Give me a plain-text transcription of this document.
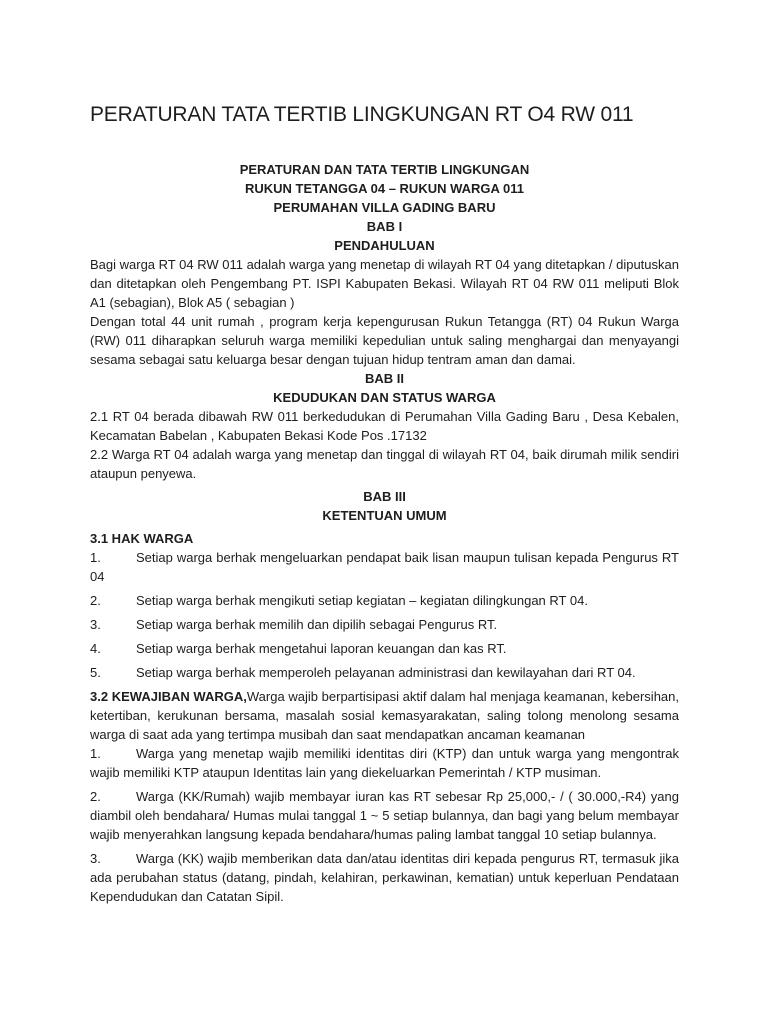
PERATURAN TATA TERTIB LINGKUNGAN RT O4 RW 011

PERATURAN DAN TATA TERTIB LINGKUNGAN

RUKUN TETANGGA 04 – RUKUN WARGA 011

PERUMAHAN VILLA GADING BARU

BAB I

PENDAHULUAN

Bagi warga RT 04 RW 011 adalah warga yang menetap di wilayah RT 04 yang ditetapkan / diputuskan dan ditetapkan oleh Pengembang PT. ISPI Kabupaten Bekasi. Wilayah RT 04 RW 011 meliputi Blok A1 (sebagian), Blok A5 ( sebagian )

Dengan total 44 unit rumah , program kerja kepengurusan Rukun Tetangga (RT) 04 Rukun Warga (RW) 011 diharapkan seluruh warga memiliki kepedulian untuk saling menghargai dan menyayangi sesama sebagai satu keluarga besar dengan tujuan hidup tentram aman dan damai.

BAB II

KEDUDUKAN DAN STATUS WARGA

2.1 RT 04 berada dibawah RW 011 berkedudukan di Perumahan Villa Gading Baru , Desa Kebalen, Kecamatan Babelan , Kabupaten Bekasi Kode Pos .17132

2.2 Warga RT 04 adalah warga yang menetap dan tinggal di wilayah RT 04, baik dirumah milik sendiri ataupun penyewa.

BAB III

KETENTUAN UMUM

3.1 HAK WARGA

1.	Setiap warga berhak mengeluarkan pendapat baik lisan maupun tulisan kepada Pengurus RT 04
2.	Setiap warga berhak mengikuti setiap kegiatan – kegiatan dilingkungan RT 04.
3.	Setiap warga berhak memilih dan dipilih sebagai Pengurus RT.
4.	Setiap warga berhak mengetahui laporan keuangan dan kas RT.
5.	Setiap warga berhak memperoleh pelayanan administrasi dan kewilayahan dari RT 04.

3.2 KEWAJIBAN WARGA,Warga wajib berpartisipasi aktif dalam hal menjaga keamanan, kebersihan, ketertiban, kerukunan bersama, masalah sosial kemasyarakatan, saling tolong menolong sesama warga di saat ada yang tertimpa musibah dan saat mendapatkan ancaman keamanan

1.	Warga yang menetap wajib memiliki identitas diri (KTP) dan untuk warga yang mengontrak wajib memiliki KTP ataupun Identitas lain yang diekeluarkan Pemerintah / KTP musiman.
2.	Warga (KK/Rumah) wajib membayar iuran kas RT sebesar Rp 25,000,- / ( 30.000,-R4) yang diambil oleh bendahara/ Humas mulai tanggal 1 ~ 5 setiap bulannya, dan bagi yang belum membayar wajib menyerahkan langsung kepada bendahara/humas paling lambat tanggal 10 setiap bulannya.
3.	Warga (KK) wajib memberikan data dan/atau identitas diri kepada pengurus RT, termasuk jika ada perubahan status (datang, pindah, kelahiran, perkawinan, kematian) untuk keperluan Pendataan Kependudukan dan Catatan Sipil.
